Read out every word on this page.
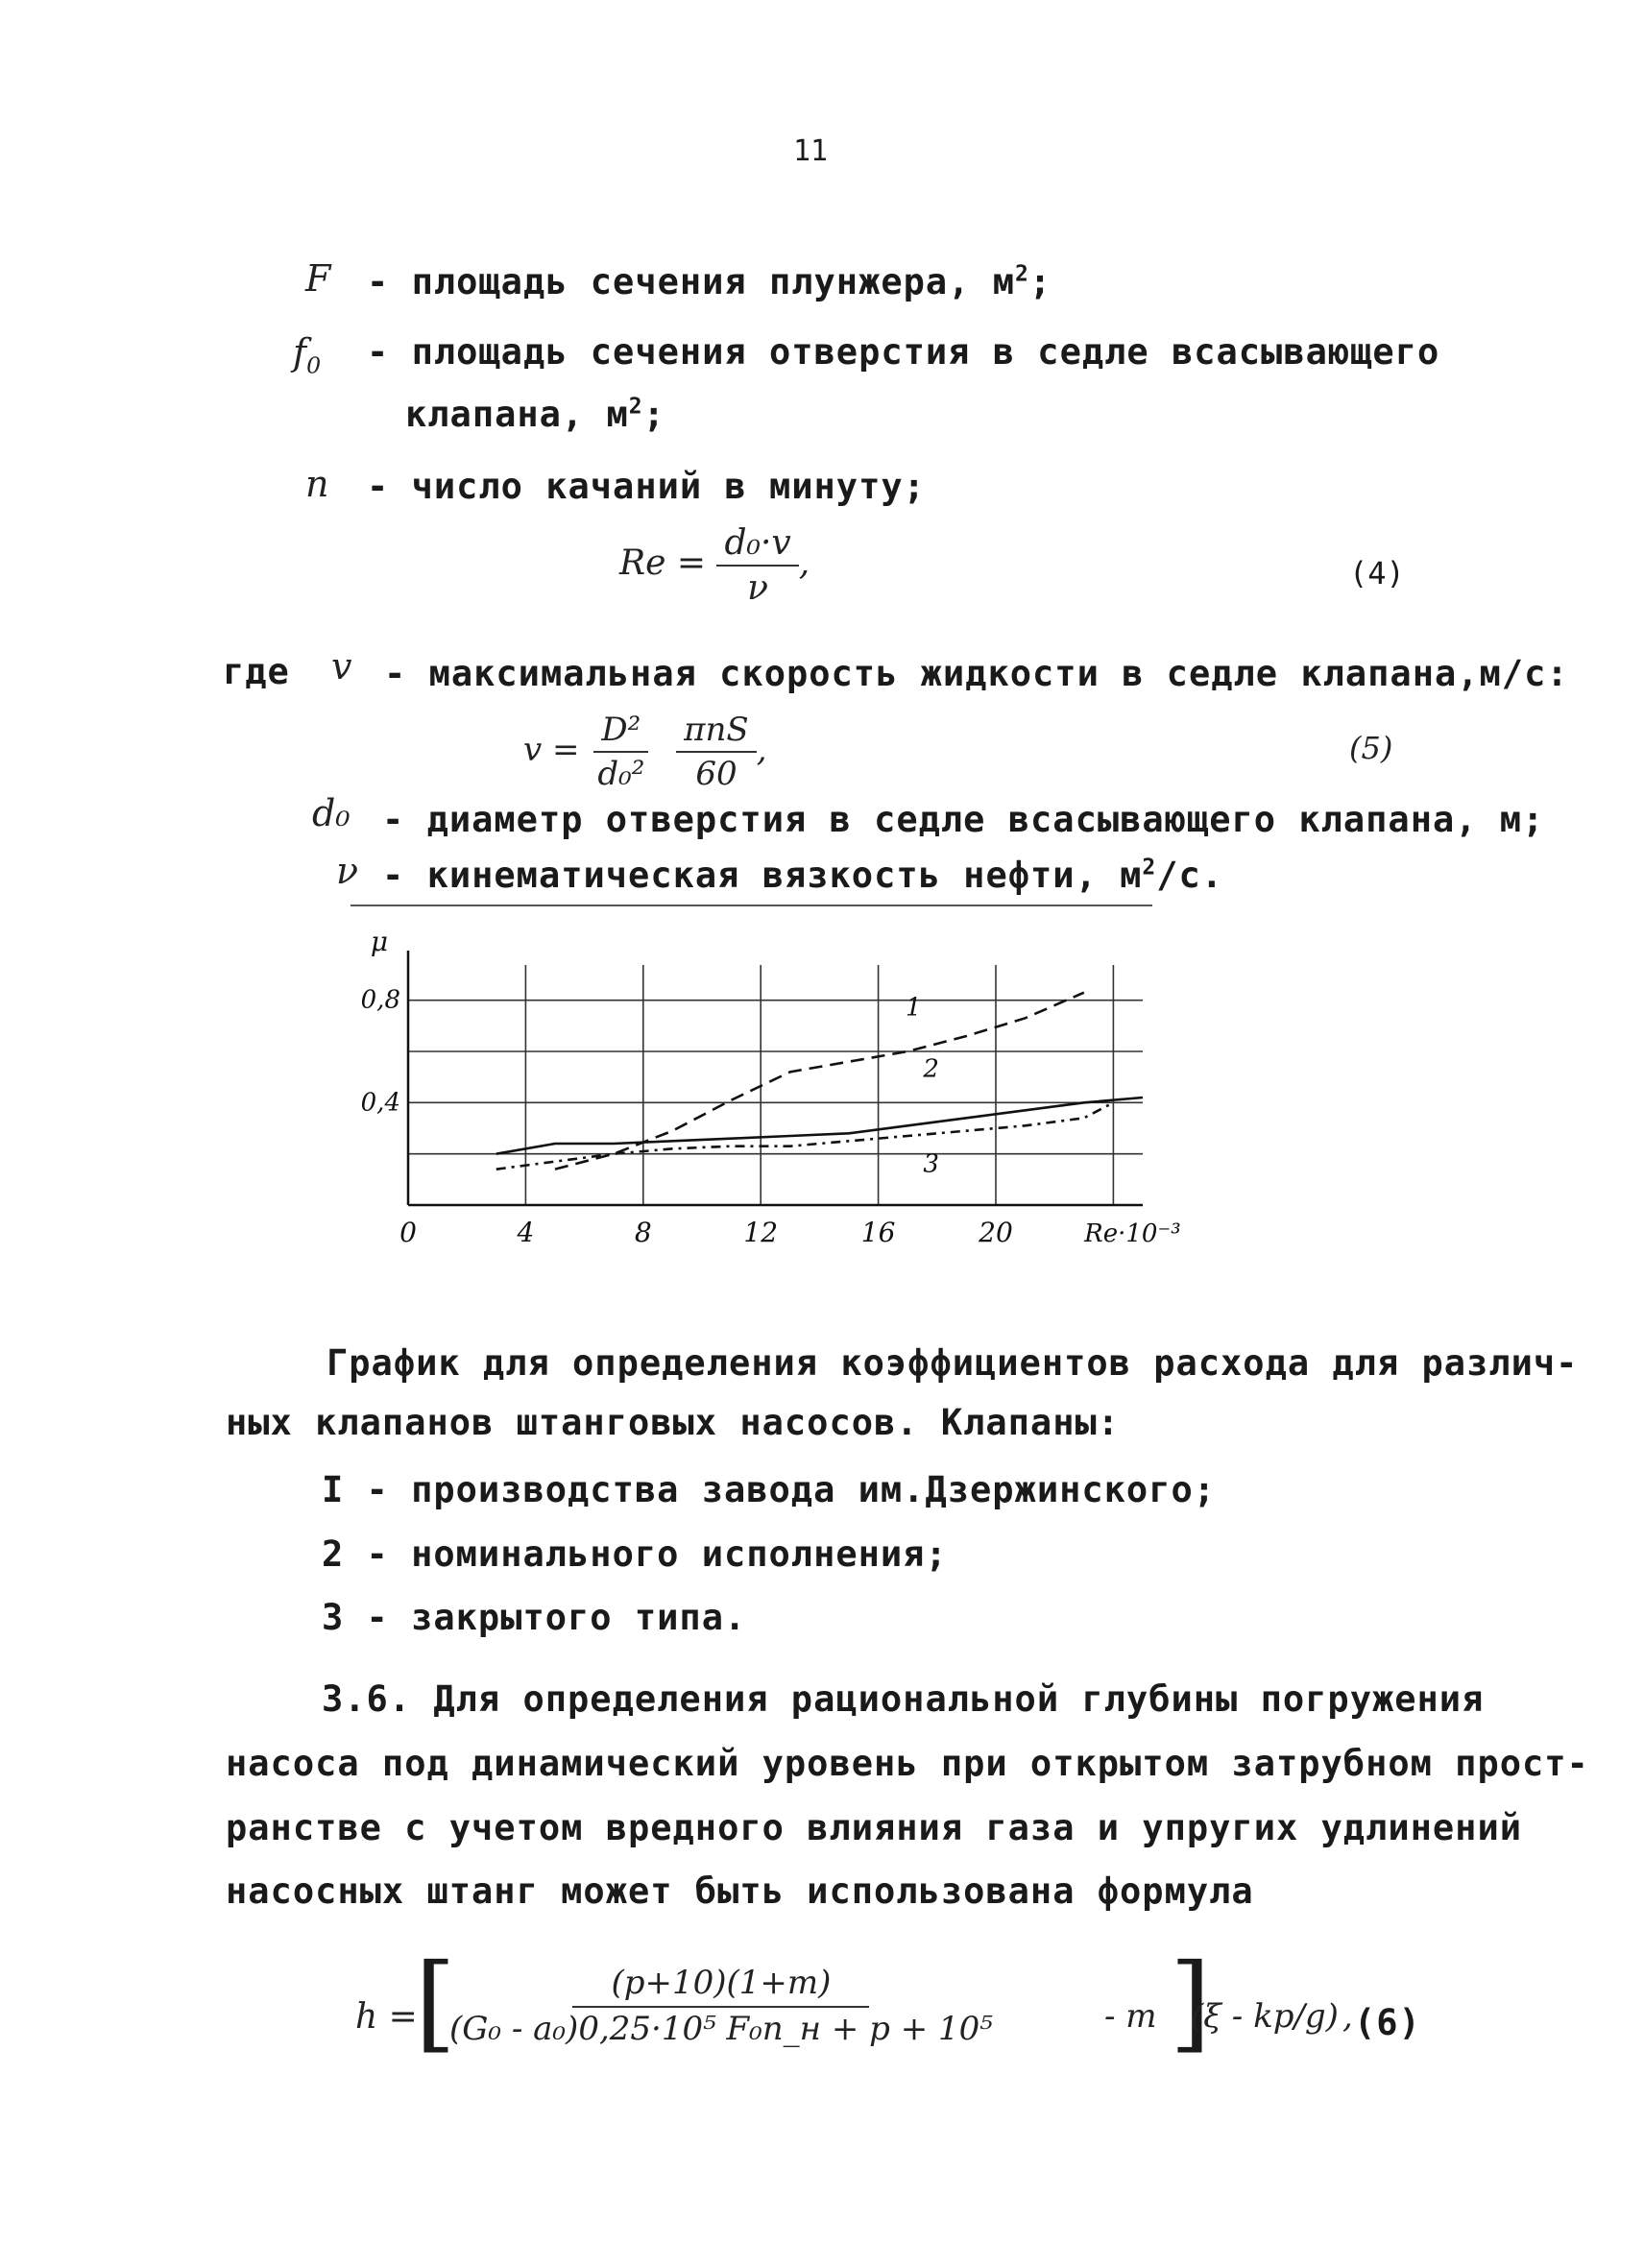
11
F - площадь сечения плунжера, $м^2$;
$f_0$ - площадь сечения отверстия в седле всасывающего
клапана, $м^2$;
n - число качаний в минуту;
$Re = \frac{\text{d₀·v}}{\nu}$ ,	(4)
где v - максимальная скорость жидкости в седле клапана,м/с:
$v = \frac{\text{D²}}{\text{d₀²}}$
$\frac{\text{πnS}}{60}$ ,	(5)
d₀ - диаметр отверстия в седле всасывающего клапана, м;
ν - кинематическая вязкость нефти, $м^2/с$.
0	4	8	12	16	20	Re·10⁻³
0,8
0,4
μ
1
2
3
График для определения коэффициентов расхода для различ-
ных клапанов штанговых насосов. Клапаны:
I - производства завода им.Дзержинского;
2 - номинального исполнения;
3 - закрытого типа.
3.6. Для определения рациональной глубины погружения
насоса под динамический уровень при открытом затрубном прост-
ранстве с учетом вредного влияния газа и упругих удлинений
насосных штанг может быть использована формула
h =
[
$\frac{(p+10)(1+m)}{\text{(G₀ - a₀)0,25·10⁵ F₀n\_н + p + 10⁵}}$	- m ]
(ξ - kp/g) , (6)
